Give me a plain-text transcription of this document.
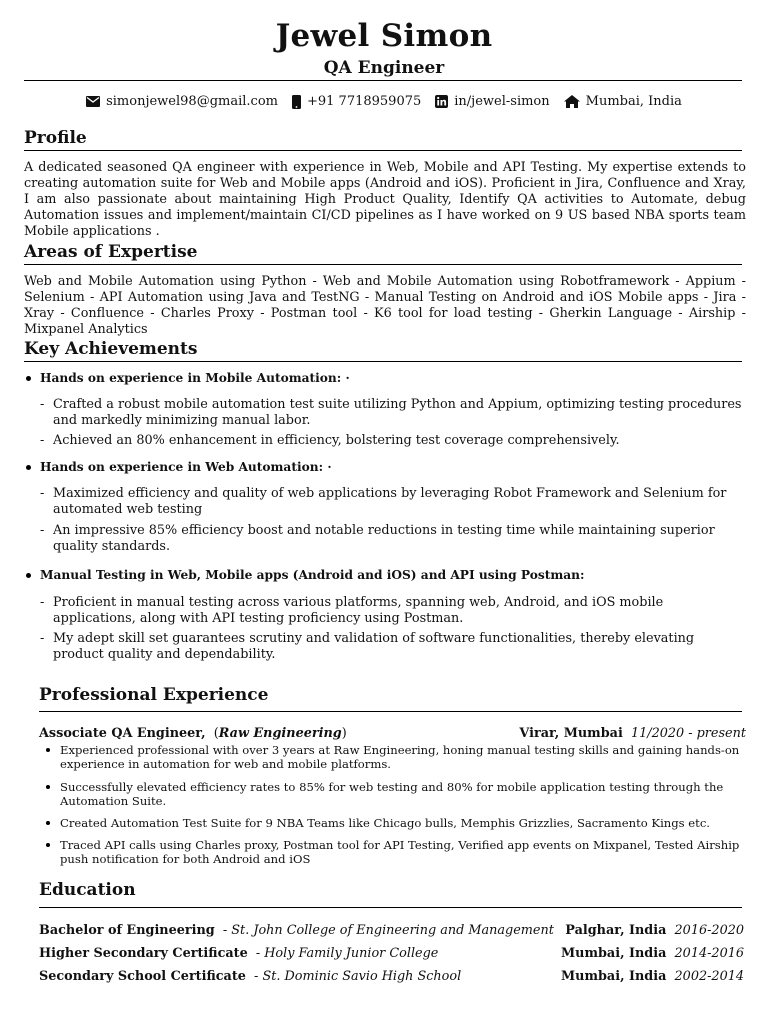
Jewel Simon
QA Engineer
simonjewel98@gmail.com +91 7718959075	in/jewel-simon	Mumbai, India
Profile
A dedicated seasoned QA engineer with experience in Web, Mobile and API Testing. My expertise extends to creating automation suite for Web and Mobile apps (Android and iOS). Proficient in Jira, Confluence and Xray, I am also passionate about maintaining High Product Quality, Identify QA activities to Automate, debug Automation issues and implement/maintain CI/CD pipelines as I have worked on 9 US based NBA sports team Mobile applications .
Areas of Expertise
Web and Mobile Automation using Python - Web and Mobile Automation using Robotframework - Appium - Selenium - API Automation using Java and TestNG - Manual Testing on Android and iOS Mobile apps - Jira - Xray - Confluence - Charles Proxy - Postman tool - K6 tool for load testing - Gherkin Language - Airship - Mixpanel Analytics
Key Achievements
Hands on experience in Mobile Automation: ·
- Crafted a robust mobile automation test suite utilizing Python and Appium, optimizing testing procedures and markedly minimizing manual labor.
- Achieved an 80% enhancement in efficiency, bolstering test coverage comprehensively.
Hands on experience in Web Automation: ·
- Maximized efficiency and quality of web applications by leveraging Robot Framework and Selenium for automated web testing
- An impressive 85% efficiency boost and notable reductions in testing time while maintaining superior quality standards.
Manual Testing in Web, Mobile apps (Android and iOS) and API using Postman:
- Proficient in manual testing across various platforms, spanning web, Android, and iOS mobile applications, along with API testing proficiency using Postman.
- My adept skill set guarantees scrutiny and validation of software functionalities, thereby elevating product quality and dependability.
Professional Experience
Associate QA Engineer,  (Raw Engineering)	Virar, Mumbai 11/2020 - present
Experienced professional with over 3 years at Raw Engineering, honing manual testing skills and gaining hands-on experience in automation for web and mobile platforms.
Successfully elevated efficiency rates to 85% for web testing and 80% for mobile application testing through the Automation Suite.
Created Automation Test Suite for 9 NBA Teams like Chicago bulls, Memphis Grizzlies, Sacramento Kings etc.
Traced API calls using Charles proxy, Postman tool for API Testing, Verified app events on Mixpanel, Tested Airship push notification for both Android and iOS
Education
Bachelor of Engineering  - St. John College of Engineering and Management Palghar, India 2016-2020
Higher Secondary Certificate  - Holy Family Junior College	Mumbai, India 2014-2016
Secondary School Certificate  - St. Dominic Savio High School	Mumbai, India 2002-2014
